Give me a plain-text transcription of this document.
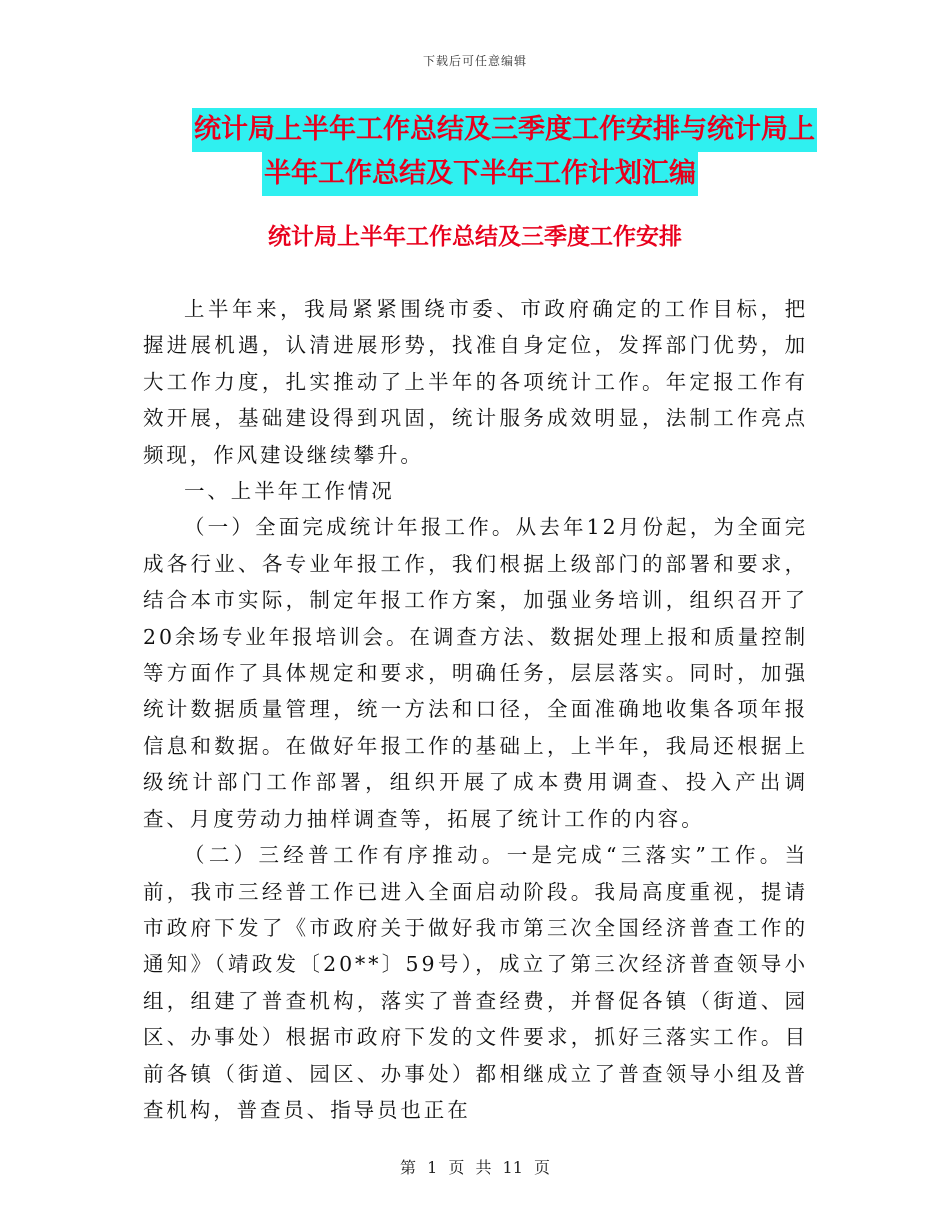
下载后可任意编辑
统计局上半年工作总结及三季度工作安排与统计局上
半年工作总结及下半年工作计划汇编
统计局上半年工作总结及三季度工作安排

上半年来，我局紧紧围绕市委、市政府确定的工作目标，把握进展机遇，认清进展形势，找准自身定位，发挥部门优势，加大工作力度，扎实推动了上半年的各项统计工作。年定报工作有效开展，基础建设得到巩固，统计服务成效明显，法制工作亮点频现，作风建设继续攀升。

一、上半年工作情况

（一）全面完成统计年报工作。从去年12月份起，为全面完成各行业、各专业年报工作，我们根据上级部门的部署和要求，结合本市实际，制定年报工作方案，加强业务培训，组织召开了20余场专业年报培训会。在调查方法、数据处理上报和质量控制等方面作了具体规定和要求，明确任务，层层落实。同时，加强统计数据质量管理，统一方法和口径，全面准确地收集各项年报信息和数据。在做好年报工作的基础上，上半年，我局还根据上级统计部门工作部署，组织开展了成本费用调查、投入产出调查、月度劳动力抽样调查等，拓展了统计工作的内容。

（二）三经普工作有序推动。一是完成“三落实”工作。当前，我市三经普工作已进入全面启动阶段。我局高度重视，提请市政府下发了《市政府关于做好我市第三次全国经济普查工作的通知》（靖政发〔20**〕59号），成立了第三次经济普查领导小组，组建了普查机构，落实了普查经费，并督促各镇（街道、园区、办事处）根据市政府下发的文件要求，抓好三落实工作。目前各镇（街道、园区、办事处）都相继成立了普查领导小组及普查机构，普查员、指导员也正在

第 1 页 共 11 页
